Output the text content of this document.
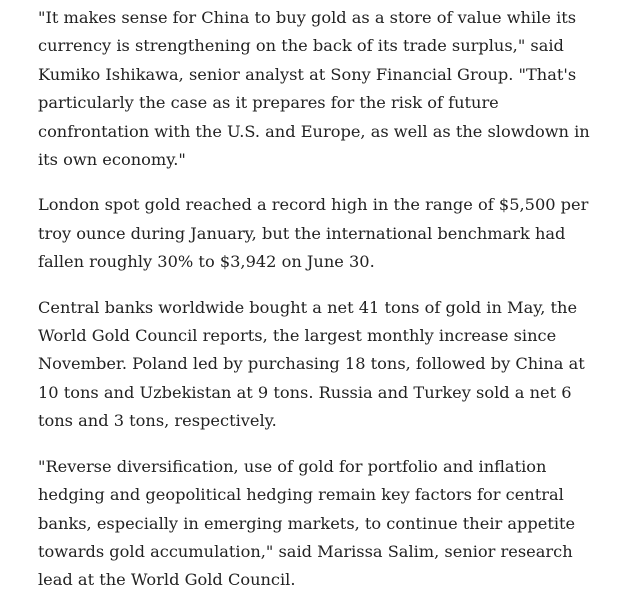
"It makes sense for China to buy gold as a store of value while its currency is strengthening on the back of its trade surplus," said Kumiko Ishikawa, senior analyst at Sony Financial Group. "That's particularly the case as it prepares for the risk of future confrontation with the U.S. and Europe, as well as the slowdown in its own economy."

London spot gold reached a record high in the range of $5,500 per troy ounce during January, but the international benchmark had fallen roughly 30% to $3,942 on June 30.

Central banks worldwide bought a net 41 tons of gold in May, the World Gold Council reports, the largest monthly increase since November. Poland led by purchasing 18 tons, followed by China at 10 tons and Uzbekistan at 9 tons. Russia and Turkey sold a net 6 tons and 3 tons, respectively.

"Reverse diversification, use of gold for portfolio and inflation hedging and geopolitical hedging remain key factors for central banks, especially in emerging markets, to continue their appetite towards gold accumulation," said Marissa Salim, senior research lead at the World Gold Council.
